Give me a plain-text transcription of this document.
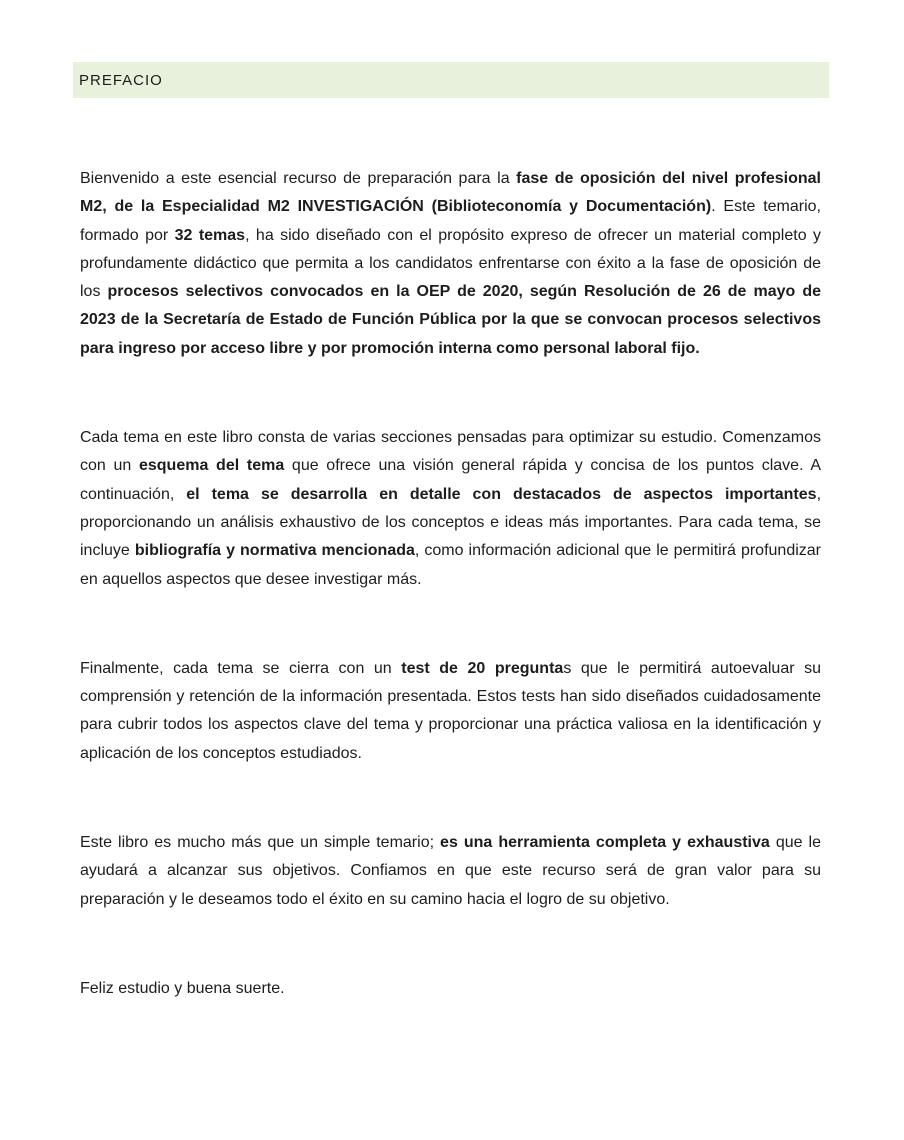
PREFACIO

Bienvenido a este esencial recurso de preparación para la fase de oposición del nivel profesional M2, de la Especialidad M2 INVESTIGACIÓN (Biblioteconomía y Documentación). Este temario, formado por 32 temas, ha sido diseñado con el propósito expreso de ofrecer un material completo y profundamente didáctico que permita a los candidatos enfrentarse con éxito a la fase de oposición de los procesos selectivos convocados en la OEP de 2020, según Resolución de 26 de mayo de 2023 de la Secretaría de Estado de Función Pública por la que se convocan procesos selectivos para ingreso por acceso libre y por promoción interna como personal laboral fijo.

Cada tema en este libro consta de varias secciones pensadas para optimizar su estudio. Comenzamos con un esquema del tema que ofrece una visión general rápida y concisa de los puntos clave. A continuación, el tema se desarrolla en detalle con destacados de aspectos importantes, proporcionando un análisis exhaustivo de los conceptos e ideas más importantes. Para cada tema, se incluye bibliografía y normativa mencionada, como información adicional que le permitirá profundizar en aquellos aspectos que desee investigar más.

Finalmente, cada tema se cierra con un test de 20 preguntas que le permitirá autoevaluar su comprensión y retención de la información presentada. Estos tests han sido diseñados cuidadosamente para cubrir todos los aspectos clave del tema y proporcionar una práctica valiosa en la identificación y aplicación de los conceptos estudiados.

Este libro es mucho más que un simple temario; es una herramienta completa y exhaustiva que le ayudará a alcanzar sus objetivos. Confiamos en que este recurso será de gran valor para su preparación y le deseamos todo el éxito en su camino hacia el logro de su objetivo.

Feliz estudio y buena suerte.
